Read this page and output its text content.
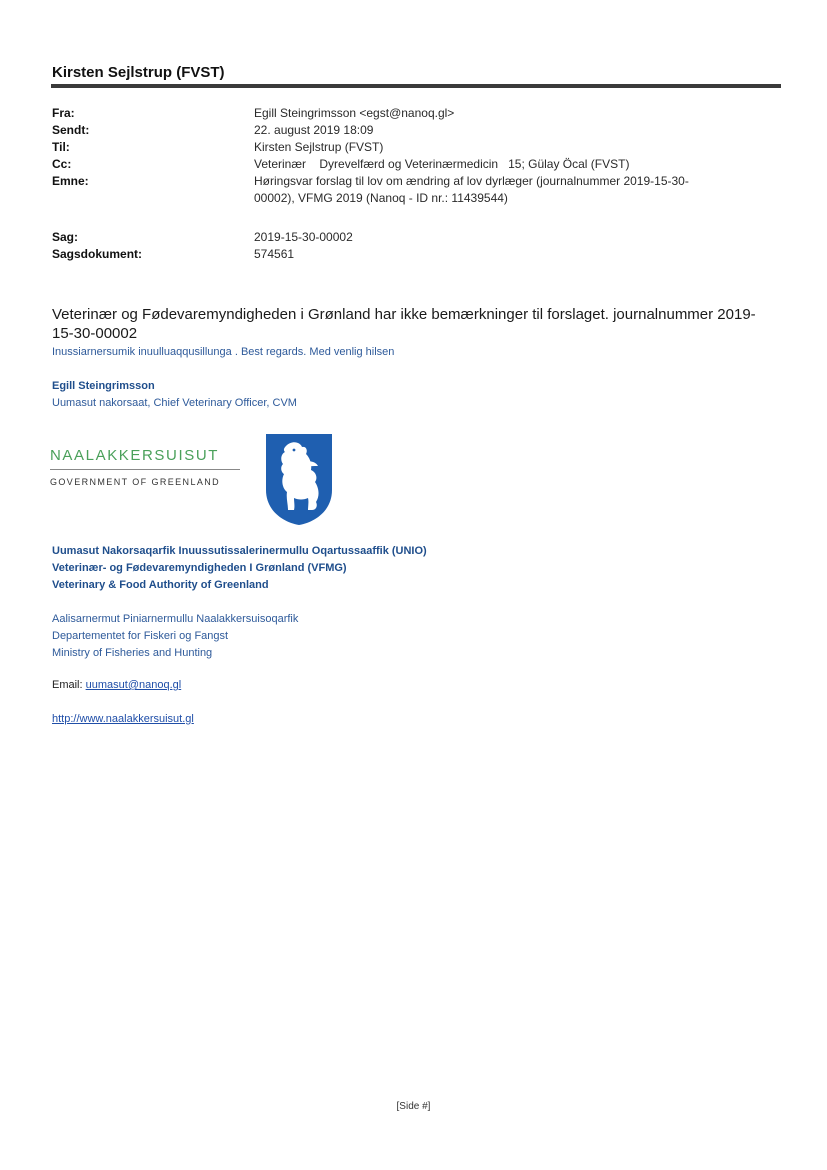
Kirsten Sejlstrup (FVST)
Fra:	Egill Steingrimsson <egst@nanoq.gl>
Sendt:	22. august 2019 18:09
Til:	Kirsten Sejlstrup (FVST)
Cc:	Veterinær    Dyrevelfærd og Veterinærmedicin   15; Gülay Öcal (FVST)
Emne:	Høringsvar forslag til lov om ændring af lov dyrlæger (journalnummer 2019-15-30-00002), VFMG 2019 (Nanoq - ID nr.: 11439544)
Sag:	2019-15-30-00002
Sagsdokument:	574561
Veterinær og Fødevaremyndigheden i Grønland har ikke bemærkninger til forslaget. journalnummer 2019-15-30-00002
Inussiarnersumik inuulluaqqusillunga . Best regards. Med venlig hilsen
Egill Steingrimsson
Uumasut nakorsaat, Chief Veterinary Officer, CVM
NAALAKKERSUISUT
GOVERNMENT OF GREENLAND
Uumasut Nakorsaqarfik Inuussutissalerinermullu Oqartussaaffik (UNIO)
Veterinær- og Fødevaremyndigheden I Grønland (VFMG)
Veterinary & Food Authority of Greenland
Aalisarnermut Piniarnermullu Naalakkersuisoqarfik
Departementet for Fiskeri og Fangst
Ministry of Fisheries and Hunting
Email: uumasut@nanoq.gl
http://www.naalakkersuisut.gl
[Side #]
